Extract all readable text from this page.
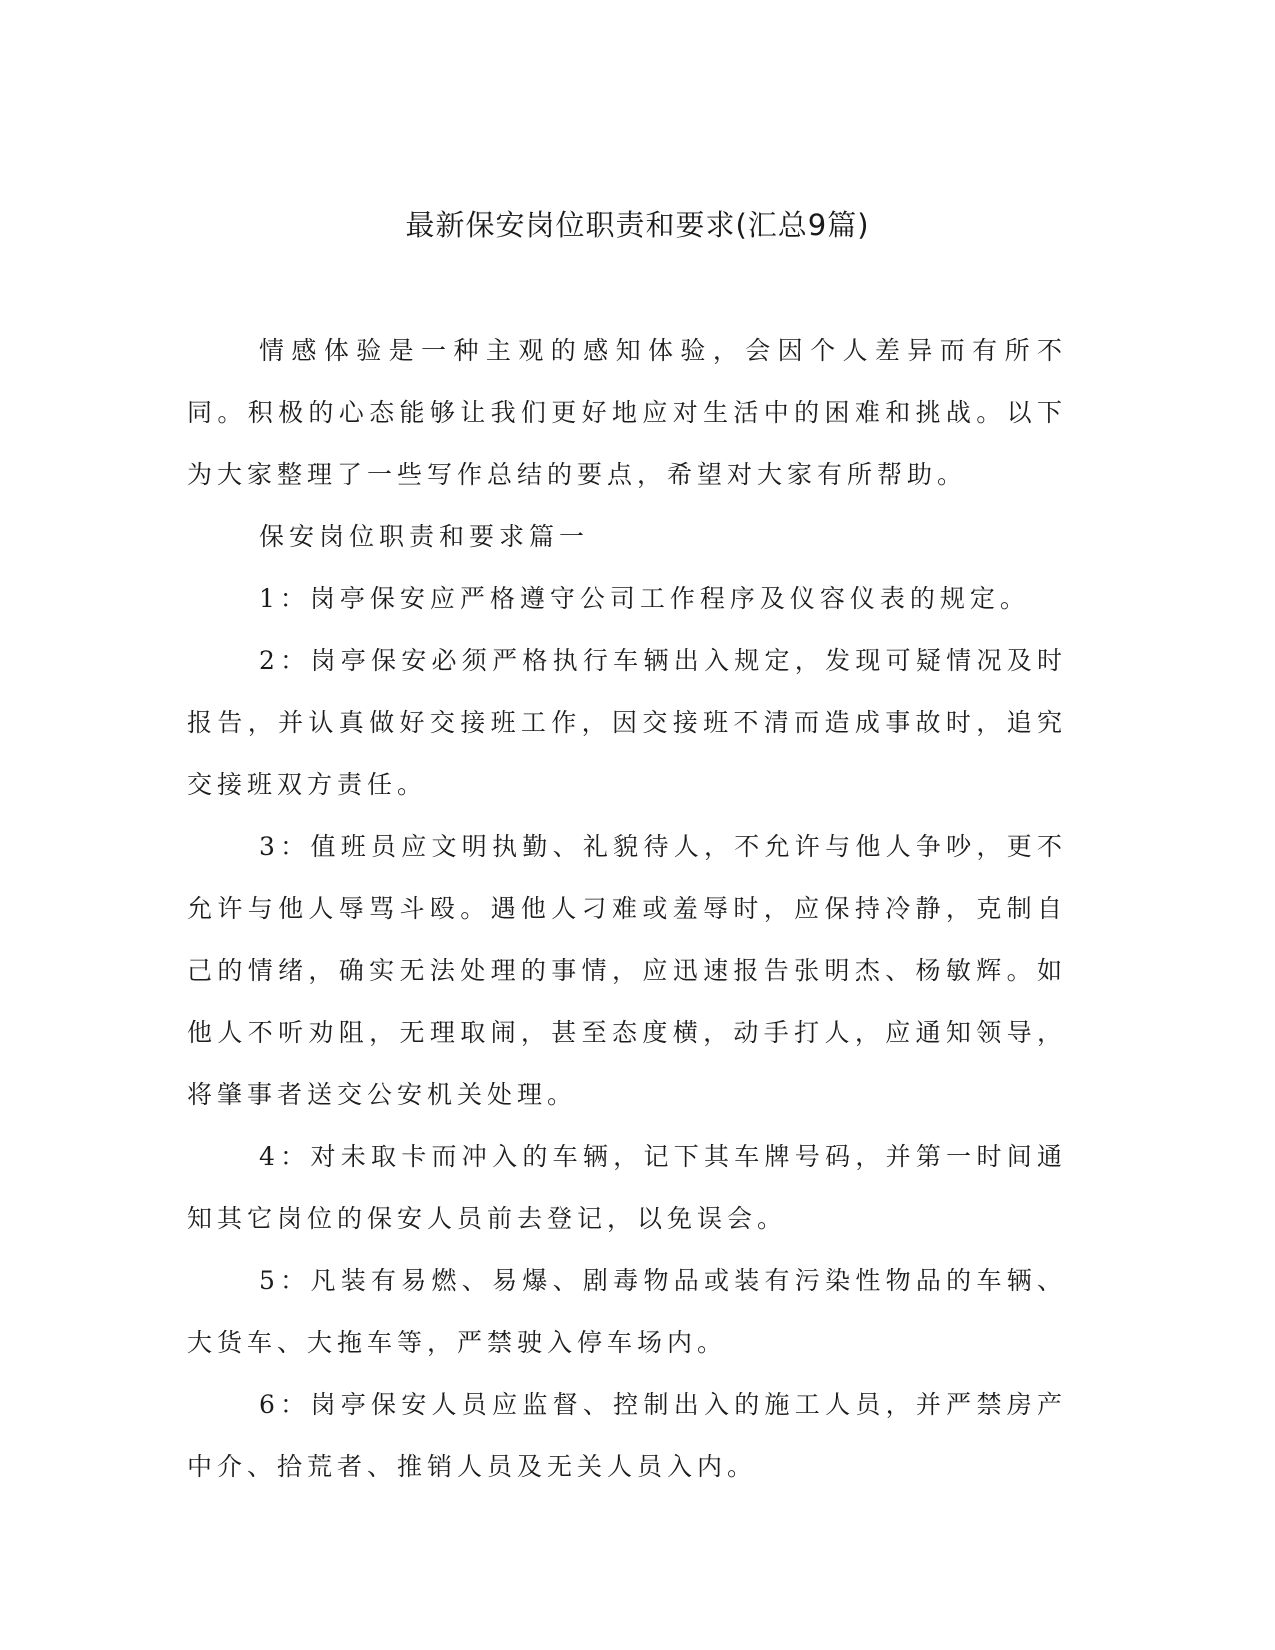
最新保安岗位职责和要求(汇总9篇)

情感体验是一种主观的感知体验，会因个人差异而有所不同。积极的心态能够让我们更好地应对生活中的困难和挑战。以下为大家整理了一些写作总结的要点，希望对大家有所帮助。

保安岗位职责和要求篇一

1：岗亭保安应严格遵守公司工作程序及仪容仪表的规定。

2：岗亭保安必须严格执行车辆出入规定，发现可疑情况及时报告，并认真做好交接班工作，因交接班不清而造成事故时，追究交接班双方责任。

3：值班员应文明执勤、礼貌待人，不允许与他人争吵，更不允许与他人辱骂斗殴。遇他人刁难或羞辱时，应保持冷静，克制自己的情绪，确实无法处理的事情，应迅速报告张明杰、杨敏辉。如他人不听劝阻，无理取闹，甚至态度横，动手打人，应通知领导，将肇事者送交公安机关处理。

4：对未取卡而冲入的车辆，记下其车牌号码，并第一时间通知其它岗位的保安人员前去登记，以免误会。

5：凡装有易燃、易爆、剧毒物品或装有污染性物品的车辆、大货车、大拖车等，严禁驶入停车场内。

6：岗亭保安人员应监督、控制出入的施工人员，并严禁房产中介、拾荒者、推销人员及无关人员入内。
